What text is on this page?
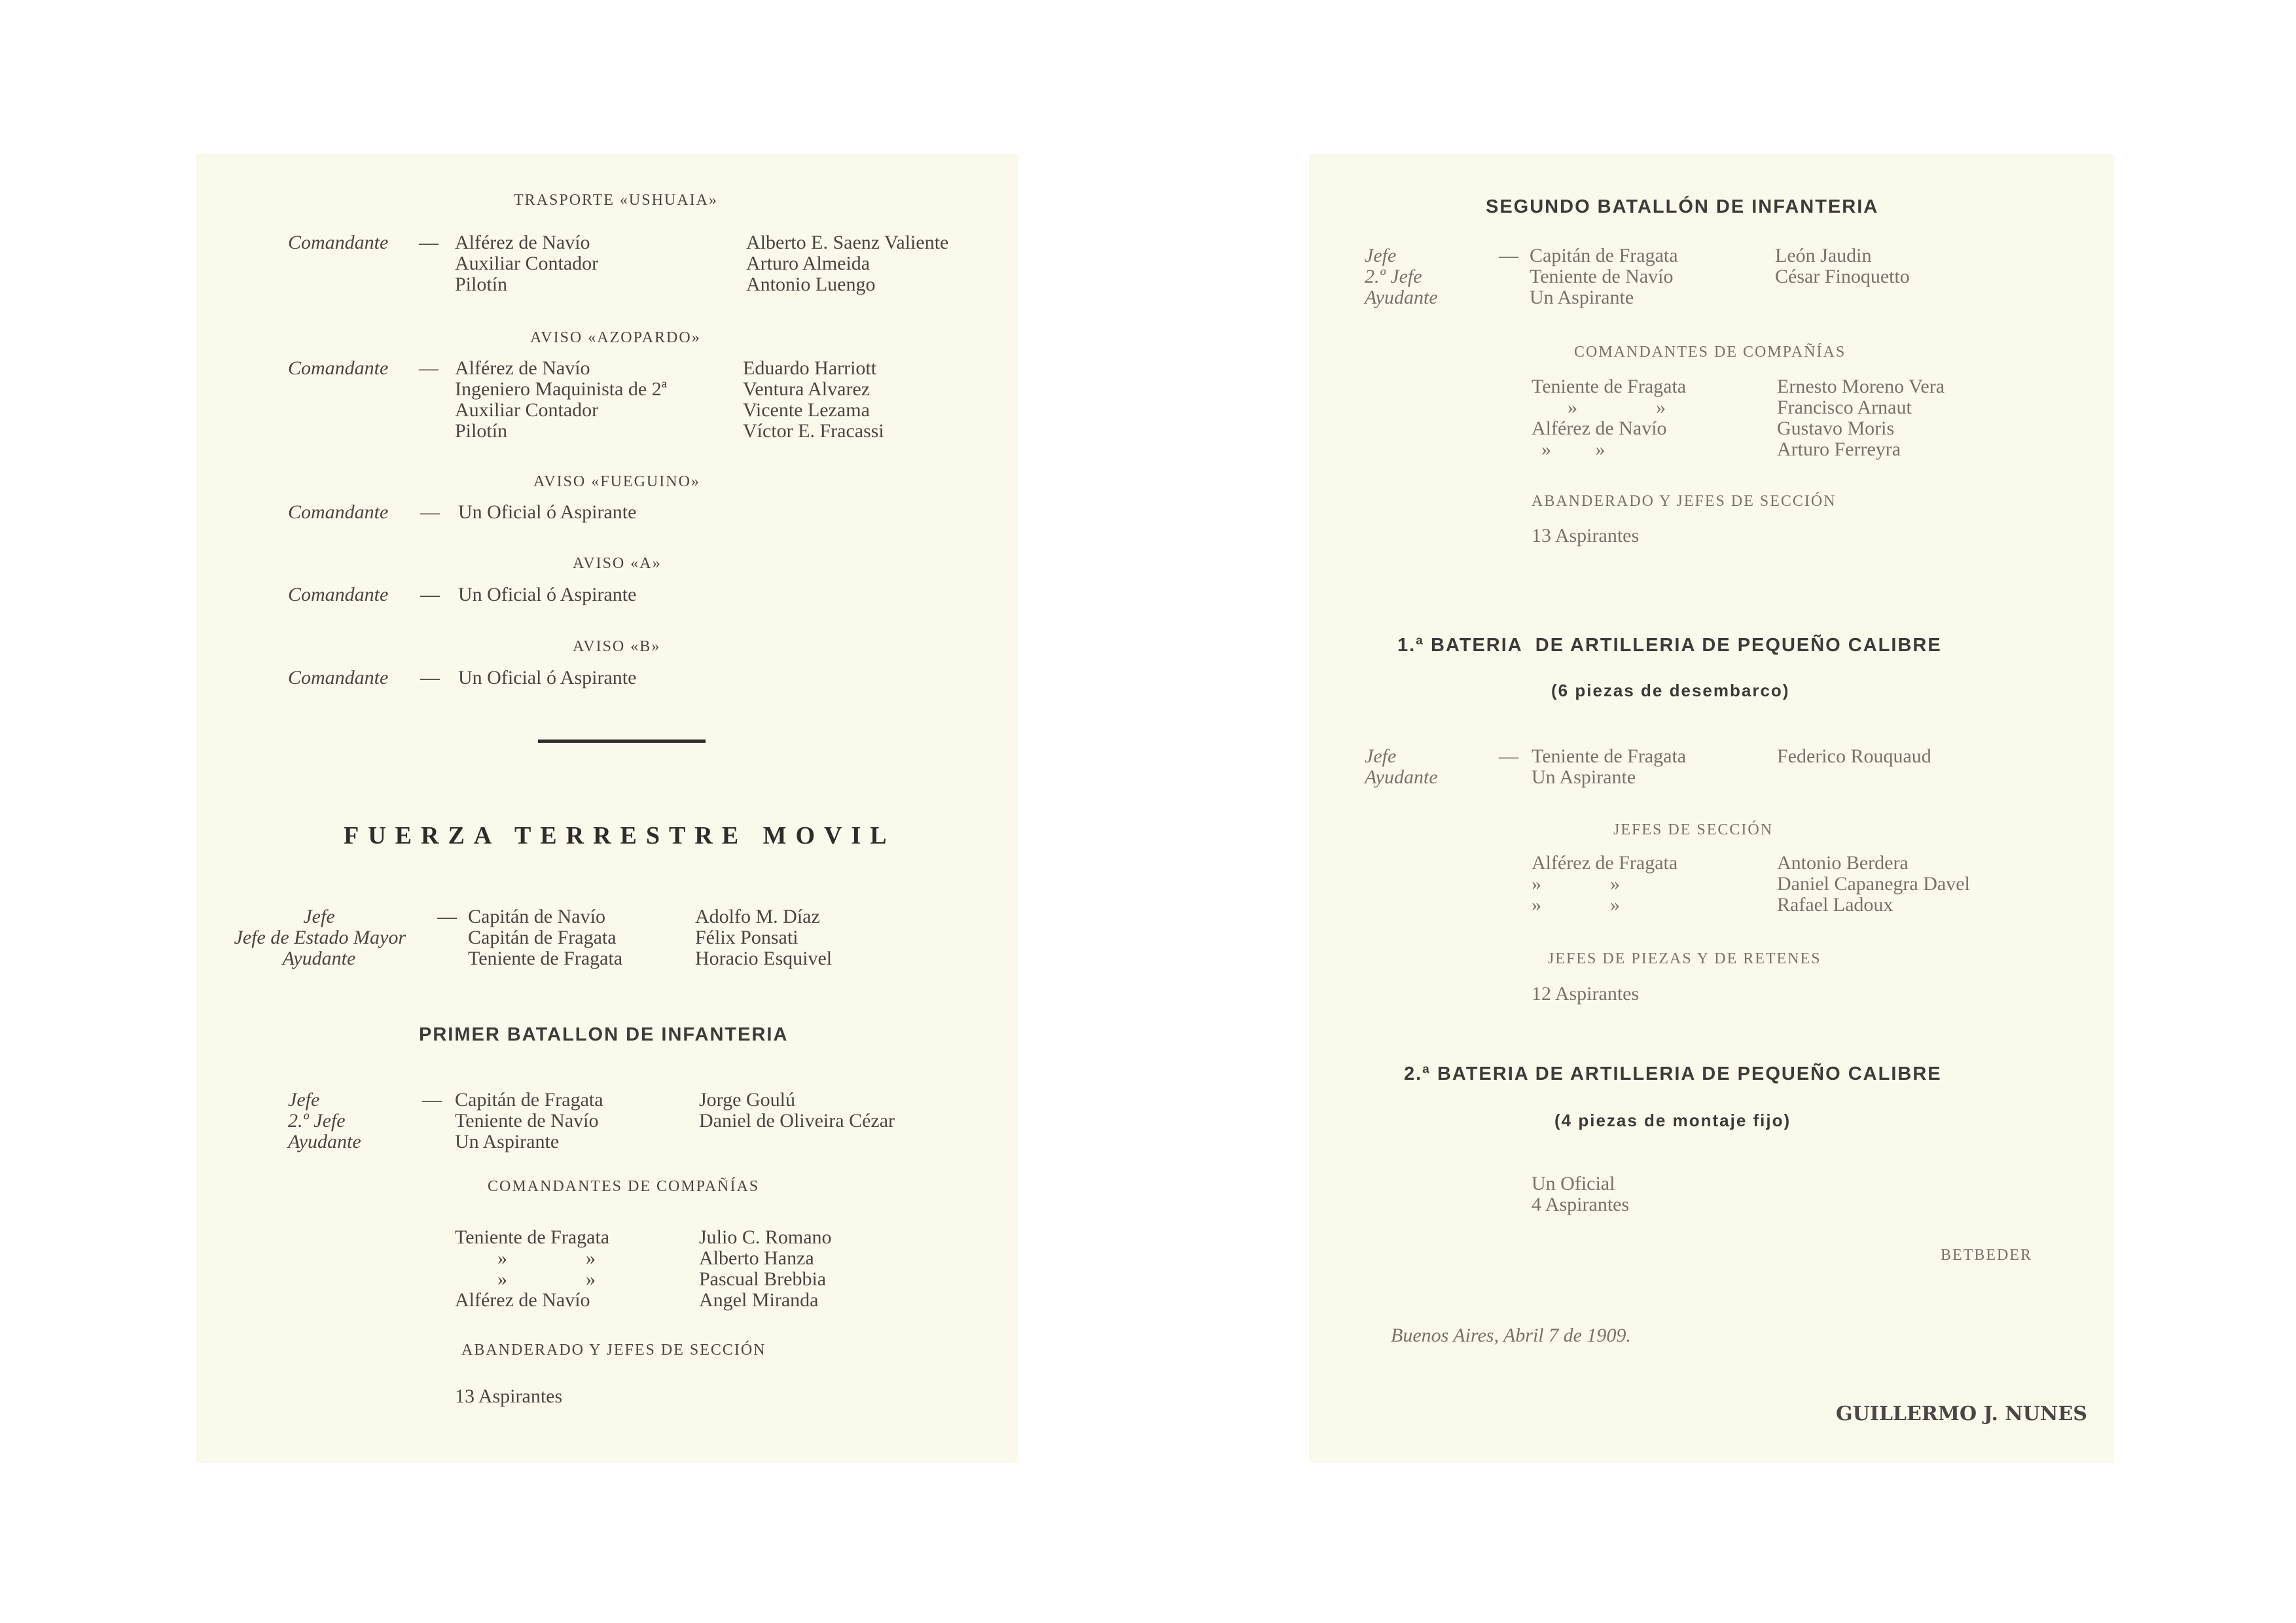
TRASPORTE «USHUAIA»
Comandante — Alférez de Navío
Auxiliar Contador
Pilotín
Alberto E. Saenz Valiente
Arturo Almeida
Antonio Luengo
AVISO «AZOPARDO»
Comandante — Alférez de Navío
Ingeniero Maquinista de 2ª
Auxiliar Contador
Pilotín
Eduardo Harriott
Ventura Alvarez
Vicente Lezama
Víctor E. Fracassi
AVISO «FUEGUINO»
Comandante — Un Oficial ó Aspirante
AVISO «A»
Comandante — Un Oficial ó Aspirante
AVISO «B»
Comandante — Un Oficial ó Aspirante
FUERZA TERRESTRE MOVIL
Jefe
Jefe de Estado Mayor
Ayudante
— Capitán de Navío
Capitán de Fragata
Teniente de Fragata
Adolfo M. Díaz
Félix Ponsati
Horacio Esquivel
PRIMER BATALLON DE INFANTERIA
Jefe
2.º Jefe
Ayudante
— Capitán de Fragata
Teniente de Navío
Un Aspirante
Jorge Goulú
Daniel de Oliveira Cézar
COMANDANTES DE COMPAÑÍAS
Teniente de Fragata
»                »
»                »
Alférez de Navío
Julio C. Romano
Alberto Hanza
Pascual Brebbia
Angel Miranda
ABANDERADO Y JEFES DE SECCIÓN
13 Aspirantes
SEGUNDO BATALLÓN DE INFANTERIA
Jefe
2.º Jefe
Ayudante
— Capitán de Fragata
Teniente de Navío
Un Aspirante
León Jaudin
César Finoquetto
COMANDANTES DE COMPAÑÍAS
Teniente de Fragata
»                »
Alférez de Navío
»         »
Ernesto Moreno Vera
Francisco Arnaut
Gustavo Moris
Arturo Ferreyra
ABANDERADO Y JEFES DE SECCIÓN
13 Aspirantes
1.ª BATERIA  DE ARTILLERIA DE PEQUEÑO CALIBRE
(6 piezas de desembarco)
Jefe
Ayudante
— Teniente de Fragata
Un Aspirante
Federico Rouquaud
JEFES DE SECCIÓN
Alférez de Fragata
»              »
»              »
Antonio Berdera
Daniel Capanegra Davel
Rafael Ladoux
JEFES DE PIEZAS Y DE RETENES
12 Aspirantes
2.ª BATERIA DE ARTILLERIA DE PEQUEÑO CALIBRE
(4 piezas de montaje fijo)
Un Oficial
4 Aspirantes
BETBEDER
Buenos Aires, Abril 7 de 1909.
GUILLERMO J. NUNES
